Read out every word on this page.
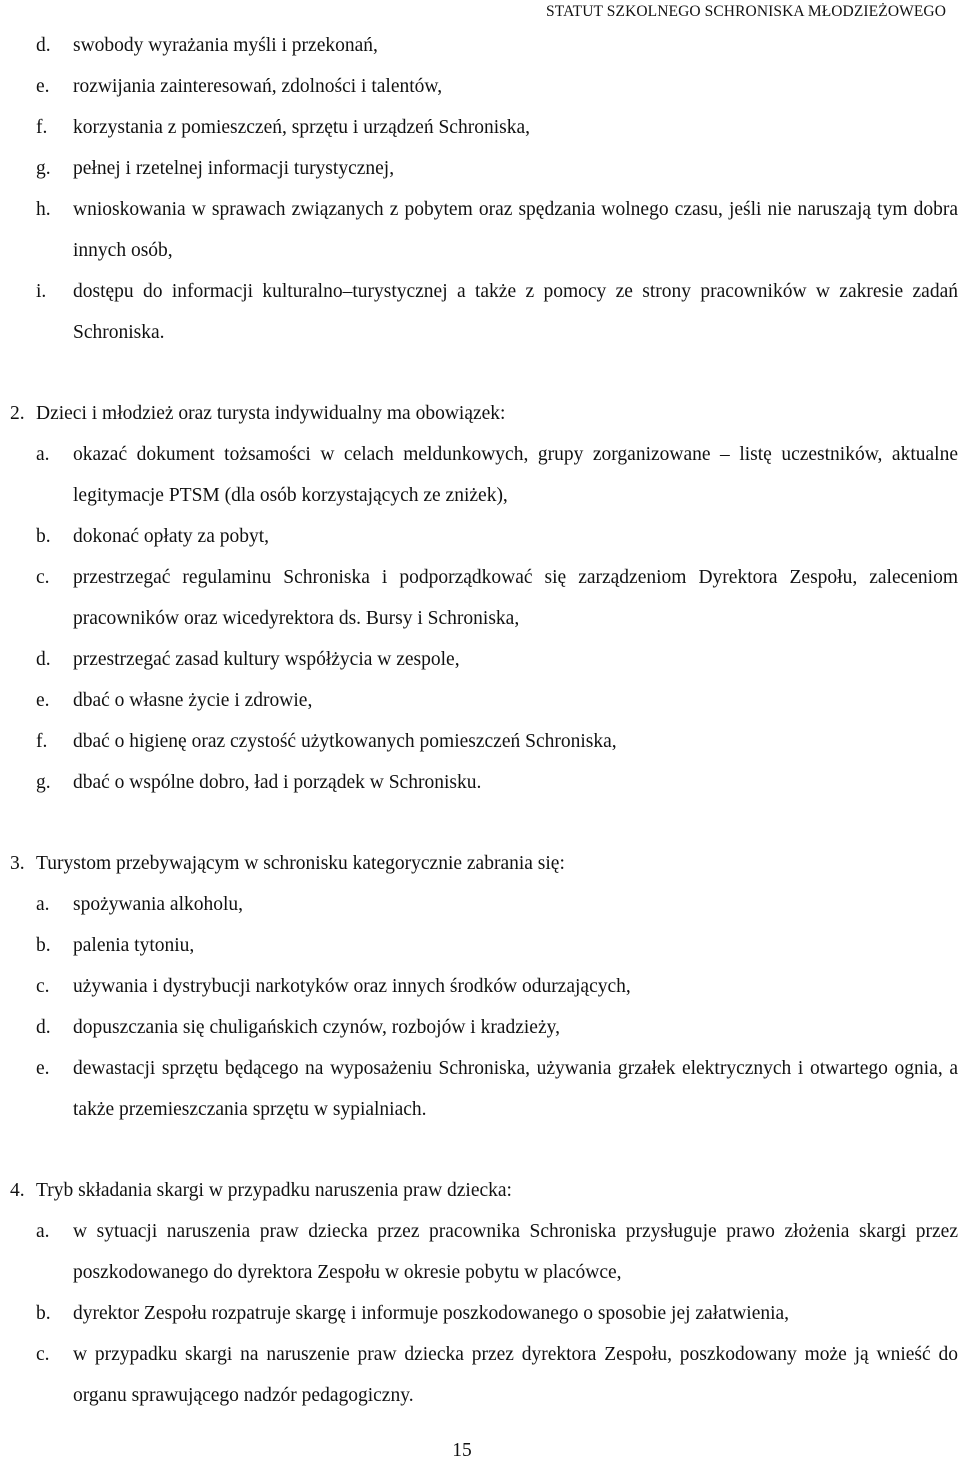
STATUT SZKOLNEGO SCHRONISKA MŁODZIEŻOWEGO
d. swobody wyrażania myśli i przekonań,
e. rozwijania zainteresowań, zdolności i talentów,
f. korzystania z pomieszczeń, sprzętu i urządzeń Schroniska,
g. pełnej i rzetelnej informacji turystycznej,
h. wnioskowania w sprawach związanych z pobytem oraz spędzania wolnego czasu, jeśli nie naruszają tym dobra innych osób,
i. dostępu do informacji kulturalno–turystycznej a także z pomocy ze strony pracowników w zakresie zadań Schroniska.
2. Dzieci i młodzież oraz turysta indywidualny ma obowiązek:
a. okazać dokument tożsamości w celach meldunkowych, grupy zorganizowane – listę uczestników, aktualne legitymacje PTSM (dla osób korzystających ze zniżek),
b. dokonać opłaty za pobyt,
c. przestrzegać regulaminu Schroniska i podporządkować się zarządzeniom Dyrektora Zespołu, zaleceniom pracowników oraz wicedyrektora ds. Bursy i Schroniska,
d. przestrzegać zasad kultury współżycia w zespole,
e. dbać o własne życie i zdrowie,
f. dbać o higienę oraz czystość użytkowanych pomieszczeń Schroniska,
g. dbać o wspólne dobro, ład i porządek w Schronisku.
3. Turystom przebywającym w schronisku kategorycznie zabrania się:
a. spożywania alkoholu,
b. palenia tytoniu,
c. używania i dystrybucji narkotyków oraz innych środków odurzających,
d. dopuszczania się chuligańskich czynów, rozbojów i kradzieży,
e. dewastacji sprzętu będącego na wyposażeniu Schroniska, używania grzałek elektrycznych i otwartego ognia, a także przemieszczania sprzętu w sypialniach.
4. Tryb składania skargi w przypadku naruszenia praw dziecka:
a. w sytuacji naruszenia praw dziecka przez pracownika Schroniska przysługuje prawo złożenia skargi przez poszkodowanego do dyrektora Zespołu w okresie pobytu w placówce,
b. dyrektor Zespołu rozpatruje skargę i informuje poszkodowanego o sposobie jej załatwienia,
c. w przypadku skargi na naruszenie praw dziecka przez dyrektora Zespołu, poszkodowany może ją wnieść do organu sprawującego nadzór pedagogiczny.
15
